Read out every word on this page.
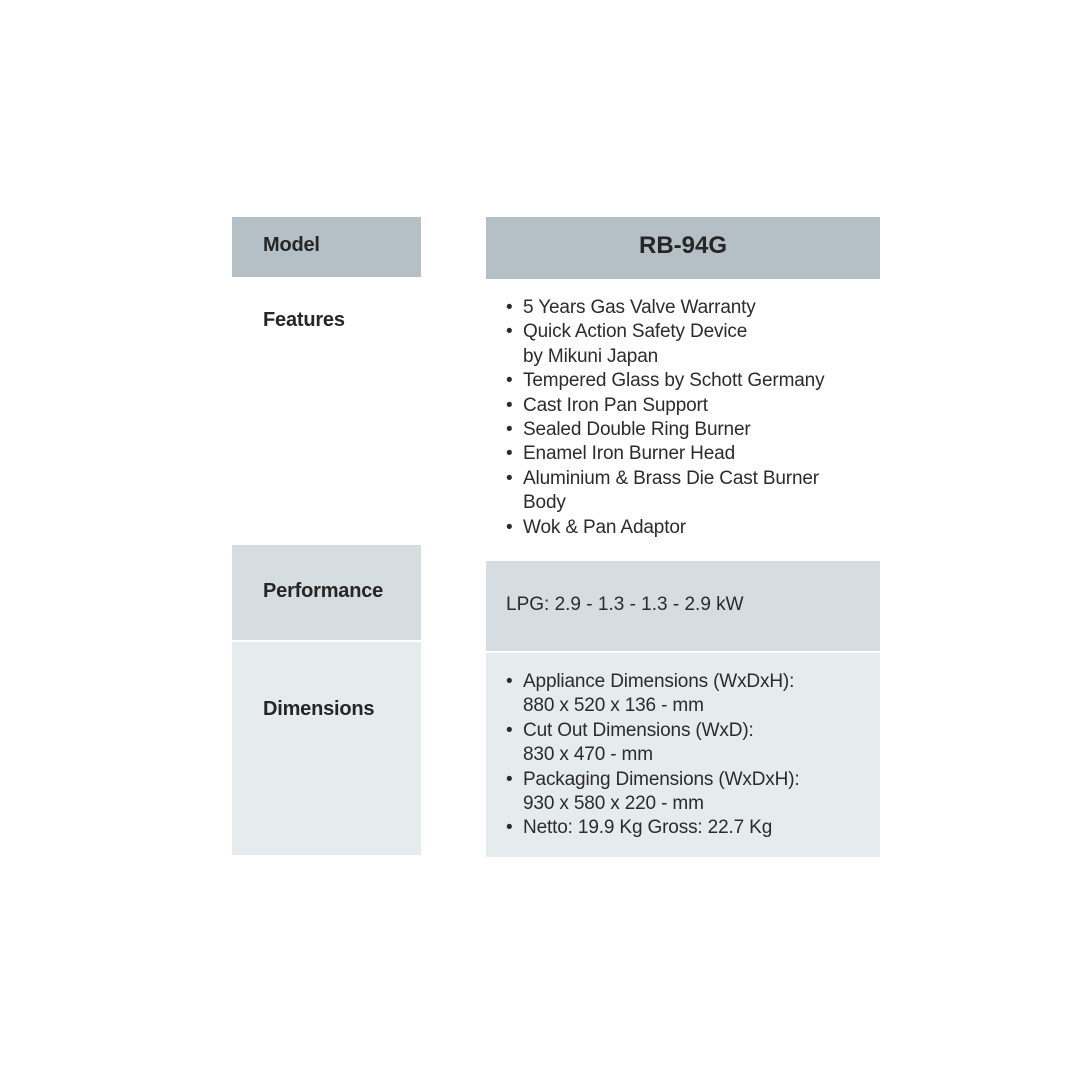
Model	RB-94G
Features
• 5 Years Gas Valve Warranty
• Quick Action Safety Device
by Mikuni Japan
• Tempered Glass by Schott Germany
• Cast Iron Pan Support
• Sealed Double Ring Burner
• Enamel Iron Burner Head
• Aluminium & Brass Die Cast Burner
Body
• Wok & Pan Adaptor
Performance
LPG: 2.9 - 1.3 - 1.3 - 2.9 kW
Dimensions
• Appliance Dimensions (WxDxH):
880 x 520 x 136 - mm
• Cut Out Dimensions (WxD):
830 x 470 - mm
• Packaging Dimensions (WxDxH):
930 x 580 x 220 - mm
• Netto: 19.9 Kg Gross: 22.7 Kg
